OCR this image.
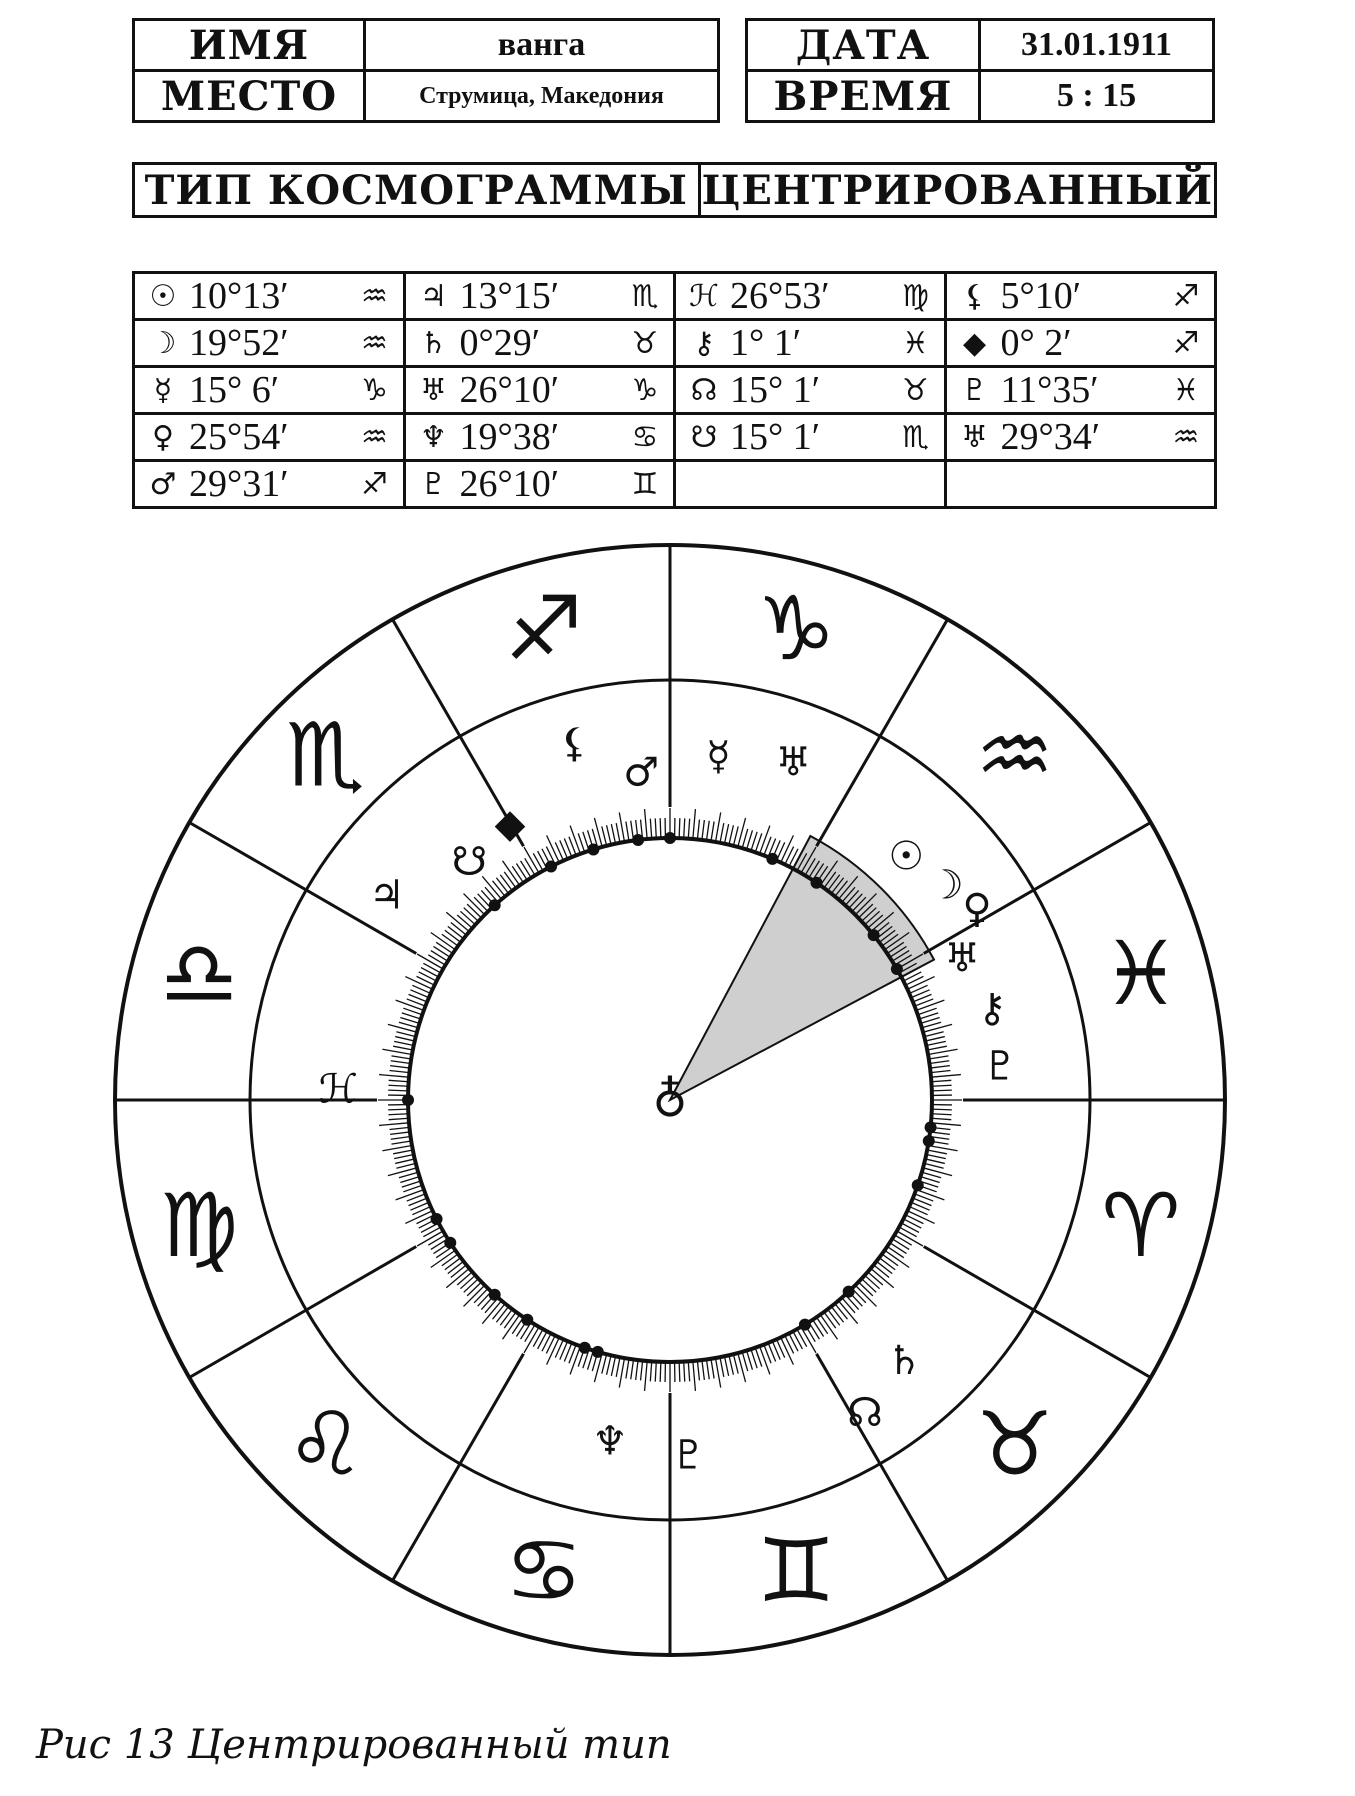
ИМЯ	ванга
МЕСТО	Струмица, Македония
ДАТА	31.01.1911
ВРЕМЯ	5 : 15
ТИП КОСМОГРАММЫ	ЦЕНТРИРОВАННЫЙ
☉ 10°13′ ♒	♃ 13°15′ ♏	ℋ 26°53′ ♍	⚸ 5°10′ ♐

☽ 19°52′ ♒	♄ 0°29′ ♉	⚷ 1° 1′ ♓	◆ 0° 2′ ♐

☿ 15° 6′ ♑	♅ 26°10′ ♑	☊ 15° 1′ ♉	♇ 11°35′ ♓

♀ 25°54′ ♒	♆ 19°38′ ♋	☋ 15° 1′ ♏	♅ 29°34′ ♒

♂ 29°31′ ♐	♇ 26°10′ ♊		

♑
♒
♓
♈
♉
♊
♋
♌
♍
♎
♏
♐
⚸
♂ ☿ ♅
◆
☋
♃
☉
☽
♀
♅
⚷
♇
ℋ
♄
☊
♆ ♇
♁
Рис 13 Центрированный тип
